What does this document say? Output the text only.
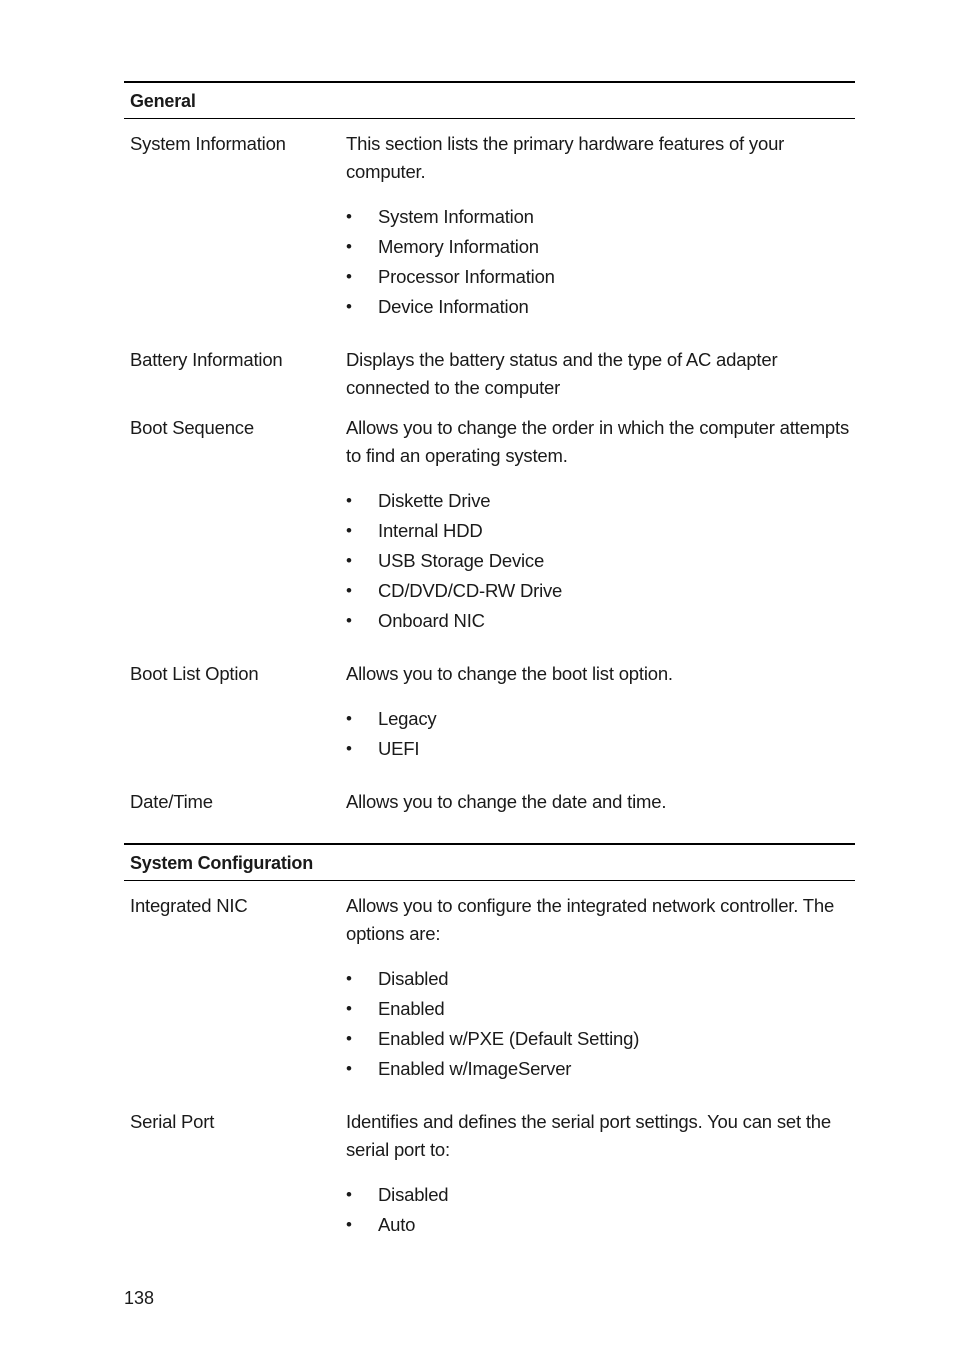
General
System Information	This section lists the primary hardware features of your computer.

• System Information
• Memory Information
• Processor Information
• Device Information
Battery Information	Displays the battery status and the type of AC adapter connected to the computer

Boot Sequence	Allows you to change the order in which the computer attempts to find an operating system.

• Diskette Drive
• Internal HDD
• USB Storage Device
• CD/DVD/CD-RW Drive
• Onboard NIC
Boot List Option	Allows you to change the boot list option.

• Legacy
• UEFI
Date/Time	Allows you to change the date and time.

System Configuration
Integrated NIC	Allows you to configure the integrated network controller. The options are:

• Disabled
• Enabled
• Enabled w/PXE (Default Setting)
• Enabled w/ImageServer
Serial Port	Identifies and defines the serial port settings. You can set the serial port to:

• Disabled
• Auto
138
